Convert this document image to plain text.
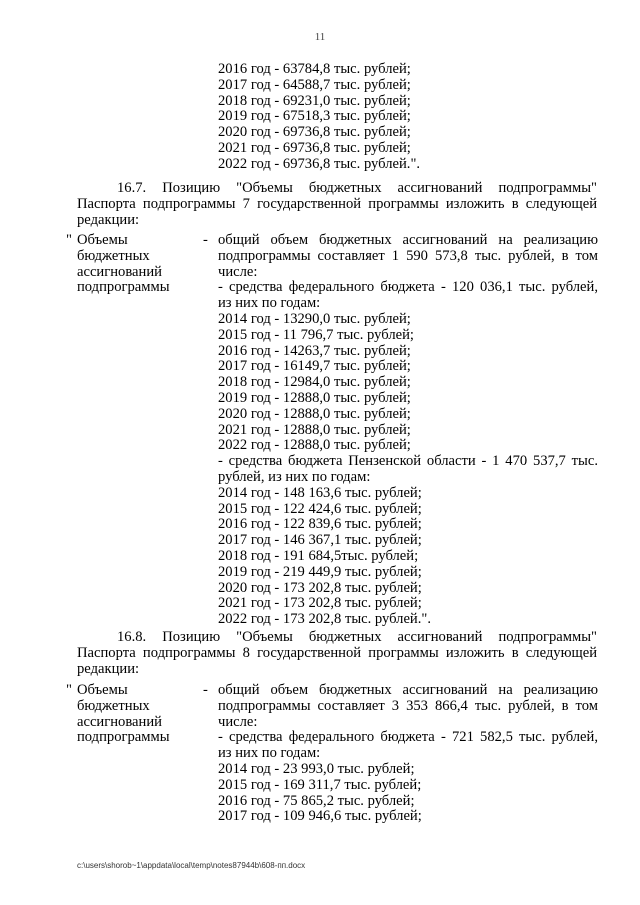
11
2016 год - 63784,8 тыс. рублей;
2017 год - 64588,7 тыс. рублей;
2018 год - 69231,0 тыс. рублей;
2019 год - 67518,3 тыс. рублей;
2020 год - 69736,8 тыс. рублей;
2021 год - 69736,8 тыс. рублей;
2022 год - 69736,8 тыс. рублей.".
16.7. Позицию "Объемы бюджетных ассигнований подпрограммы"
Паспорта подпрограммы 7 государственной программы изложить в следующей
редакции:
" Объемы
бюджетных
ассигнований
подпрограммы
- общий объем бюджетных ассигнований на реализацию
подпрограммы составляет 1 590 573,8 тыс. рублей, в том
числе:
- средства федерального бюджета - 120 036,1 тыс. рублей,
из них по годам:
2014 год - 13290,0 тыс. рублей;
2015 год - 11 796,7 тыс. рублей;
2016 год - 14263,7 тыс. рублей;
2017 год - 16149,7 тыс. рублей;
2018 год - 12984,0 тыс. рублей;
2019 год - 12888,0 тыс. рублей;
2020 год - 12888,0 тыс. рублей;
2021 год - 12888,0 тыс. рублей;
2022 год - 12888,0 тыс. рублей;
- средства бюджета Пензенской области - 1 470 537,7 тыс.
рублей, из них по годам:
2014 год - 148 163,6 тыс. рублей;
2015 год - 122 424,6 тыс. рублей;
2016 год - 122 839,6 тыс. рублей;
2017 год - 146 367,1 тыс. рублей;
2018 год - 191 684,5тыс. рублей;
2019 год - 219 449,9 тыс. рублей;
2020 год - 173 202,8 тыс. рублей;
2021 год - 173 202,8 тыс. рублей;
2022 год - 173 202,8 тыс. рублей.".
16.8. Позицию "Объемы бюджетных ассигнований подпрограммы"
Паспорта подпрограммы 8 государственной программы изложить в следующей
редакции:
" Объемы
бюджетных
ассигнований
подпрограммы
- общий объем бюджетных ассигнований на реализацию
подпрограммы составляет 3 353 866,4 тыс. рублей, в том
числе:
- средства федерального бюджета - 721 582,5 тыс. рублей,
из них по годам:
2014 год - 23 993,0 тыс. рублей;
2015 год - 169 311,7 тыс. рублей;
2016 год - 75 865,2 тыс. рублей;
2017 год - 109 946,6 тыс. рублей;
c:\users\shorob~1\appdata\local\temp\notes87944b\608-пп.docx
